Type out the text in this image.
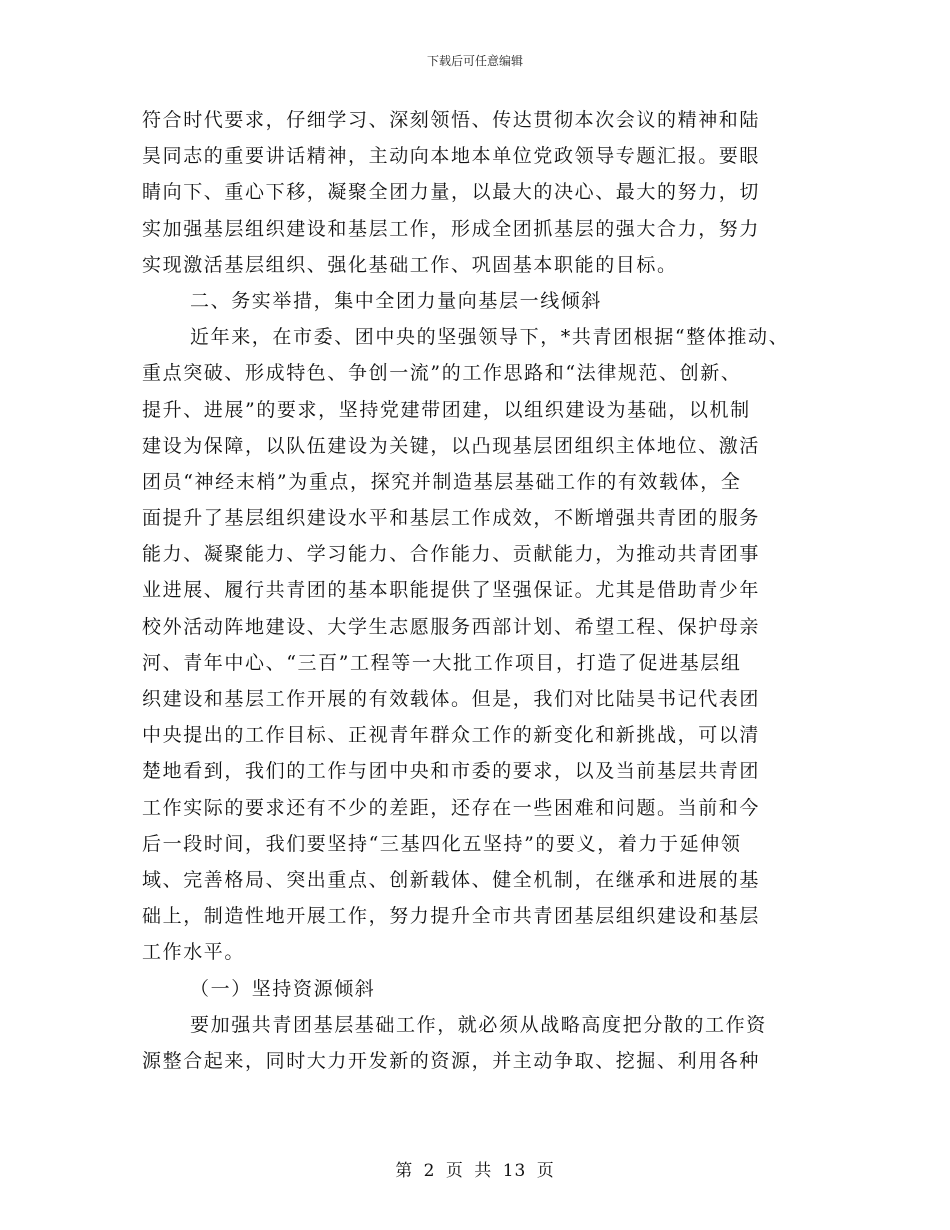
下载后可任意编辑
符合时代要求，仔细学习、深刻领悟、传达贯彻本次会议的精神和陆
昊同志的重要讲话精神，主动向本地本单位党政领导专题汇报。要眼
睛向下、重心下移，凝聚全团力量，以最大的决心、最大的努力，切
实加强基层组织建设和基层工作，形成全团抓基层的强大合力，努力
实现激活基层组织、强化基础工作、巩固基本职能的目标。
二、务实举措，集中全团力量向基层一线倾斜
近年来，在市委、团中央的坚强领导下，*共青团根据“整体推动、
重点突破、形成特色、争创一流”的工作思路和“法律规范、创新、
提升、进展”的要求，坚持党建带团建，以组织建设为基础，以机制
建设为保障，以队伍建设为关键，以凸现基层团组织主体地位、激活
团员“神经末梢”为重点，探究并制造基层基础工作的有效载体，全
面提升了基层组织建设水平和基层工作成效，不断增强共青团的服务
能力、凝聚能力、学习能力、合作能力、贡献能力，为推动共青团事
业进展、履行共青团的基本职能提供了坚强保证。尤其是借助青少年
校外活动阵地建设、大学生志愿服务西部计划、希望工程、保护母亲
河、青年中心、“三百”工程等一大批工作项目，打造了促进基层组
织建设和基层工作开展的有效载体。但是，我们对比陆昊书记代表团
中央提出的工作目标、正视青年群众工作的新变化和新挑战，可以清
楚地看到，我们的工作与团中央和市委的要求，以及当前基层共青团
工作实际的要求还有不少的差距，还存在一些困难和问题。当前和今
后一段时间，我们要坚持“三基四化五坚持”的要义，着力于延伸领
域、完善格局、突出重点、创新载体、健全机制，在继承和进展的基
础上，制造性地开展工作，努力提升全市共青团基层组织建设和基层
工作水平。
（一）坚持资源倾斜
要加强共青团基层基础工作，就必须从战略高度把分散的工作资
源整合起来，同时大力开发新的资源，并主动争取、挖掘、利用各种
第 2 页 共 13 页
